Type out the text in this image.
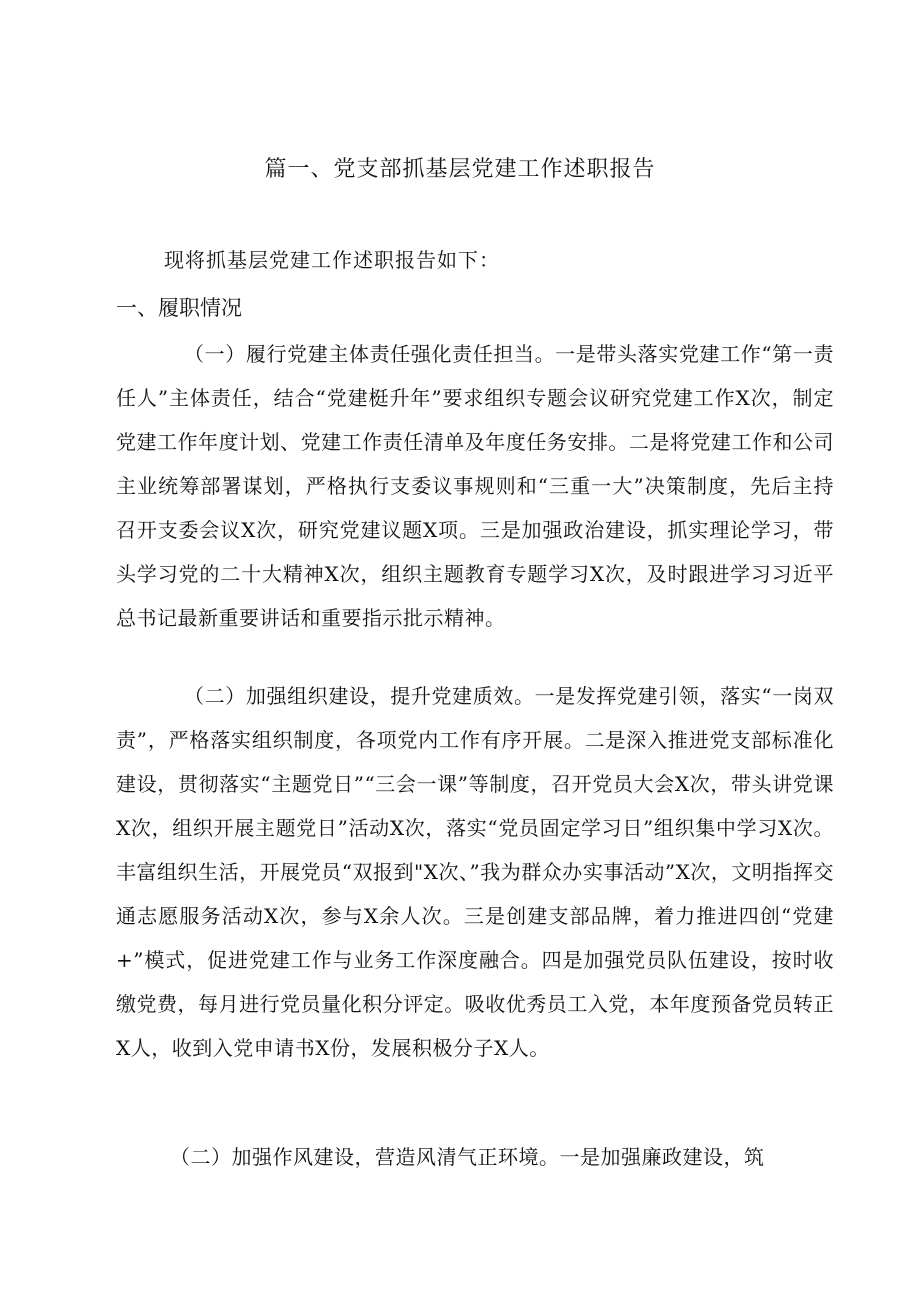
篇一、党支部抓基层党建工作述职报告
现将抓基层党建工作述职报告如下：
一、履职情况

（一）履行党建主体责任强化责任担当。一是带头落实党建工作“第一责任人”主体责任，结合“党建梃升年”要求组织专题会议研究党建工作X次，制定党建工作年度计划、党建工作责任清单及年度任务安排。二是将党建工作和公司主业统筹部署谋划，严格执行支委议事规则和“三重一大”决策制度，先后主持召开支委会议X次，研究党建议题X项。三是加强政治建设，抓实理论学习，带头学习党的二十大精神X次，组织主题教育专题学习X次，及时跟进学习习近平总书记最新重要讲话和重要指示批示精神。

（二）加强组织建设，提升党建质效。一是发挥党建引领，落实“一岗双责”，严格落实组织制度，各项党内工作有序开展。二是深入推进党支部标准化建设，贯彻落实“主题党日”“三会一课”等制度，召开党员大会X次，带头讲党课X次，组织开展主题党日”活动X次，落实“党员固定学习日”组织集中学习X次。丰富组织生活，开展党员“双报到"X次、”我为群众办实事活动”X次，文明指挥交通志愿服务活动X次，参与X余人次。三是创建支部品牌，着力推进四创“党建+”模式，促进党建工作与业务工作深度融合。四是加强党员队伍建设，按时收缴党费，每月进行党员量化积分评定。吸收优秀员工入党，本年度预备党员转正X人，收到入党申请书X份，发展积极分子X人。

（二）加强作风建设，营造风清气正环境。一是加强廉政建设，筑
